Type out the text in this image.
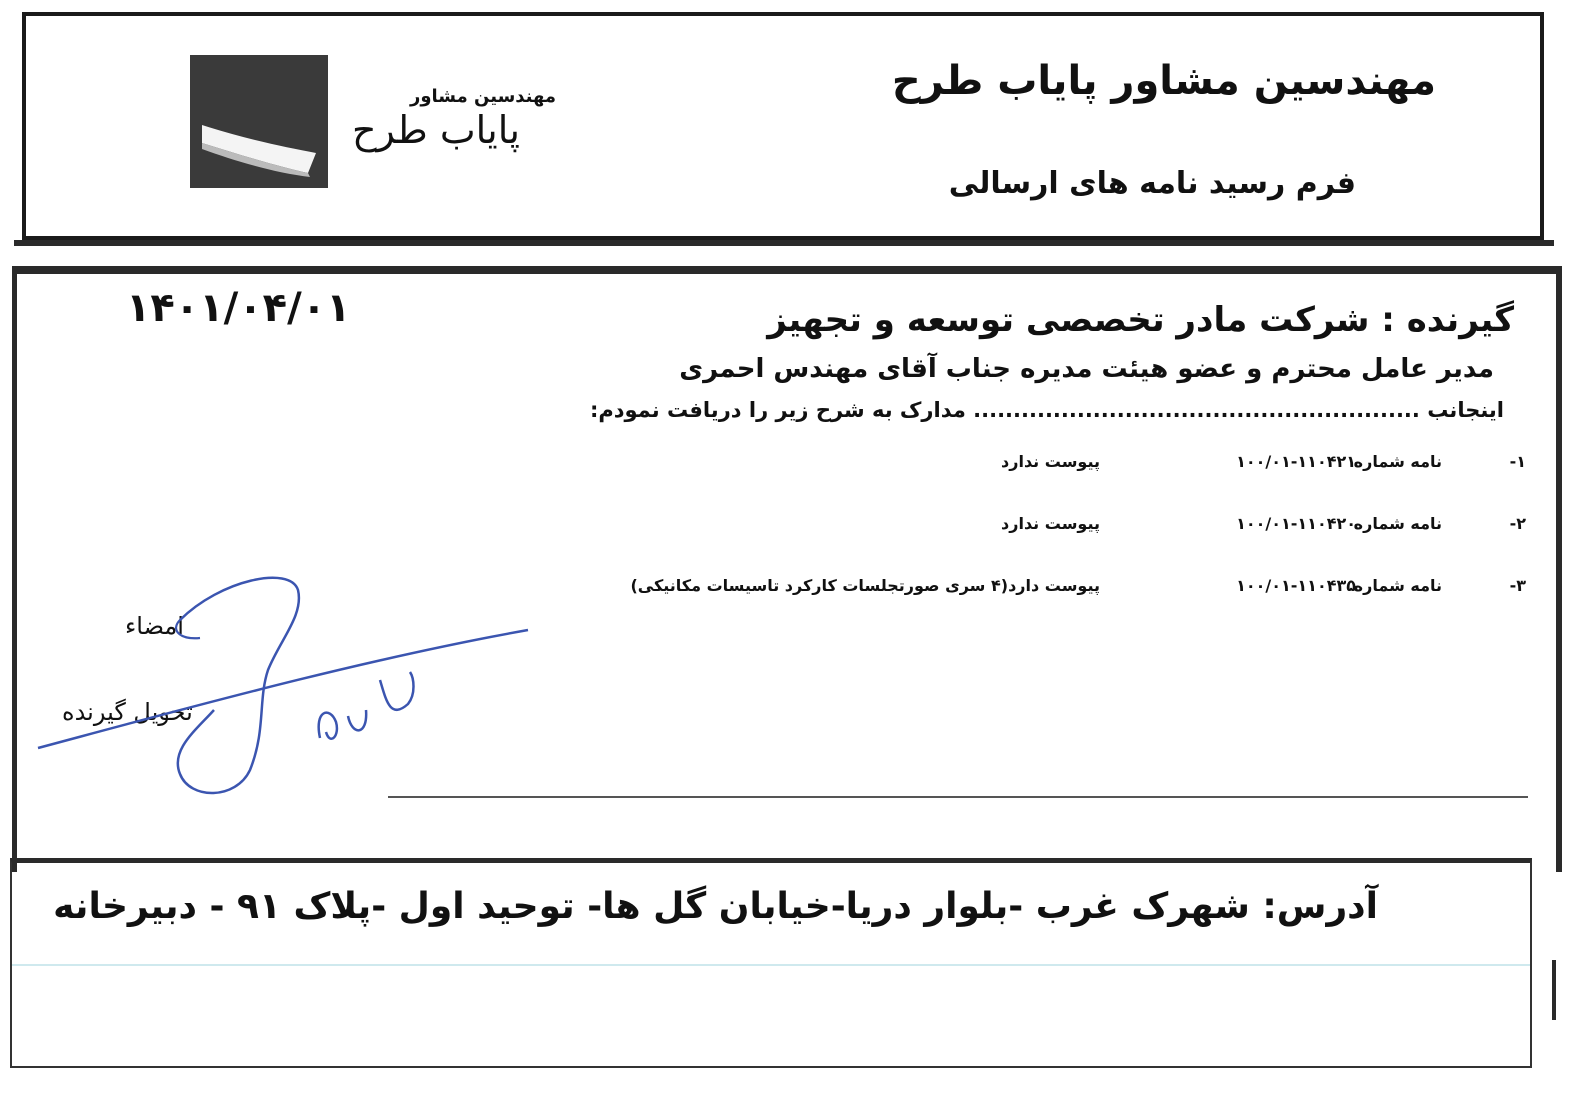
مهندسین مشاور پایاب طرح
فرم رسید نامه های ارسالی
مهندسین مشاور
پایاب طرح
۱۴۰۱/۰۴/۰۱	گیرنده : شرکت مادر تخصصی توسعه و تجهیز
مدیر عامل محترم و عضو هیئت مدیره جناب آقای مهندس احمری
اینجانب ........................................................ مدارک به شرح زیر را دریافت نمودم:
۱-
نامه شماره
۱۰۰/۰۱-۱۱۰۴۲۱
پیوست ندارد
۲-
نامه شماره
۱۰۰/۰۱-۱۱۰۴۲۰
پیوست ندارد
۳-
نامه شماره
۱۰۰/۰۱-۱۱۰۴۳۵
پیوست دارد(۴ سری صورتجلسات کارکرد تاسیسات مکانیکی)
امضاء
تحویل گیرنده
آدرس: شهرک غرب -بلوار دریا-خیابان گل ها- توحید اول -پلاک ۹۱ - دبیرخانه
